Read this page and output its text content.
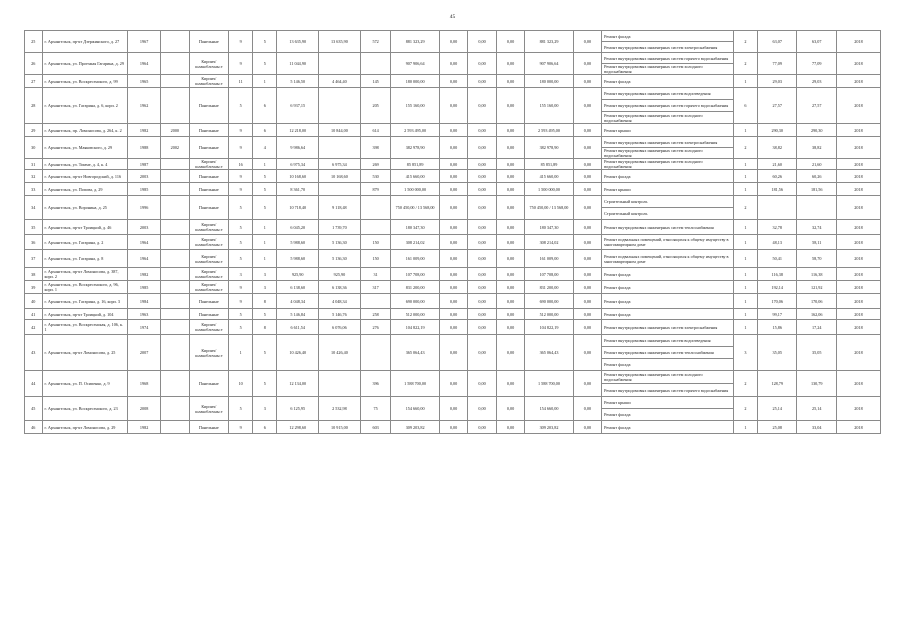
45
25	г. Архангельск, пр-кт Дзержинского, д. 27	1967		Панельные	9	5	13 635,90	13 635,90	572	881 323,29	0,00	0,00	0,00	881 323,29	0,00	Ремонт фасада	2	63,07	63,07	2018
																Ремонт внутридомовых инженерных систем электроснабжения				
26	г. Архангельск, ул. Проезжая Гагарина, д. 29	1964		Кирпич/ шлакоблочны е	9	5	11 044,90			907 906,64	0,00	0,00	0,00	907 906,64	0,00	Ремонт внутридомовых инженерных систем горячего водоснабжения	2	77,09	77,09	2018
																Ремонт внутридомовых инженерных систем холодного водоснабжения				
27	г. Архангельск, ул. Воскресенского, д. 99	1965		Кирпич/ шлакоблочны е	11	1	5 146,50	4 464,40	145	180 000,00	0,00	0,00	0,00	180 000,00	0,00	Ремонт фасада	1	29,03	29,03	2018
28	г. Архангельск, ул. Гагарина, д. 6, корп. 2	1962		Панельные	5	6	6 937,15		205	155 160,00	0,00	0,00	0,00	155 160,00	0,00	Ремонт внутридомовых инженерных систем водоотведения	6	27,57	27,57	2018
																Ремонт внутридомовых инженерных систем горячего водоснабжения				
																Ремонт внутридомовых инженерных систем холодного водоснабжения				
29	г. Архангельск, пр. Ломоносова, д. 264, к. 2	1982	2000	Панельные	9	6	12 218,00	10 844,00	614	2 593 495,00	0,00	0,00	0,00	2 593 495,00	0,00	Ремонт крыши	1	290,30	290,30	2018
30	г. Архангельск, ул. Маяковского, д. 29	1988	2002	Панельные	9	4	9 986,64		398	382 978,90	0,00	0,00	0,00	382 978,90	0,00	Ремонт внутридомовых инженерных систем электроснабжения	2	38,82	38,82	2018
																Ремонт внутридомовых инженерных систем холодного водоснабжения				
31	г. Архангельск, ул. Тимме, д. 4, к. 4	1987		Кирпич/ шлакоблочны е	16	1	6 975,34	6 975,34	269	85 851,89	0,00	0,00	0,00	85 851,89	0,00	Ремонт внутридомовых инженерных систем холодного водоснабжения	1	21,60	21,60	2018
32	г. Архангельск, пр-кт Новгородский, д. 116	2003		Панельные	9	5	10 168,60	10 168,60	530	415 660,00	0,00	0,00	0,00	415 660,00	0,00	Ремонт фасада	1	60,26	60,26	2018
33	г. Архангельск, ул. Попова, д. 29	1985		Панельные	9	5	8 361,70		879	1 500 000,00	0,00	0,00	0,00	1 500 000,00	0,00	Ремонт крыши	1	181,56	181,56	2018
34	г. Архангельск, ул. Воронина, д. 25	1996		Панельные	5	5	10 718,40	9 118,48		750 450,00 / 13 568,00	0,00	0,00	0,00	750 450,00 / 13 568,00	0,00	Строительный контроль	2			2018
																Строительный контроль				
35	г. Архангельск, пр-кт Троицкий, д. 46	2003		Кирпич/ шлакоблочны е	5	1	6 045,20	1 739,70		180 347,30	0,00	0,00	0,00	180 347,30	0,00	Ремонт внутридомовых инженерных систем теплоснабжения	1	32,78	32,74	2018
36	г. Архангельск, ул. Гагарина, д. 2	1964		Кирпич/ шлакоблочны е	5	1	5 988,60	5 136,30	150	308 214,02	0,00	0,00	0,00	308 214,02	0,00	Ремонт подвальных помещений, относящихся к общему имуществу в многоквартирном доме	1	48,13	58,11	2018
37	г. Архангельск, ул. Гагарина, д. 8	1964		Кирпич/ шлакоблочны е	5	1	5 988,60	5 136,30	150	161 009,00	0,00	0,00	0,00	161 009,00	0,00	Ремонт подвальных помещений, относящихся к общему имуществу в многоквартирном доме	1	50,41	58,70	2018
38	г. Архангельск, пр-кт Ломоносова, д. 387, корп. 2	1982		Кирпич/ шлакоблочны е	3	3	925,90	925,90	31	107 708,00	0,00	0,00	0,00	107 708,00	0,00	Ремонт фасада	1	116,38	116,38	2018
39	г. Архангельск, ул. Воскресенского, д. 96, корп. 1	1985		Кирпич/ шлакоблочны е	9	3	6 138,60	6 138,36	317	831 200,00	0,00	0,00	0,00	831 200,00	0,00	Ремонт фасада	1	192,14	121,92	2018
40	г. Архангельск, ул. Гагарина, д. 16, корп. 3	1984		Панельные	9	8	4 048,34	4 048,34		690 000,00	0,00	0,00	0,00	690 000,00	0,00	Ремонт фасада	1	170,06	170,06	2018
41	г. Архангельск, пр-кт Троицкий, д. 104	1963		Панельные	5	5	5 146,84	5 146,76	258	512 000,00	0,00	0,00	0,00	512 000,00	0,00	Ремонт фасада	1	99,17	162,06	2018
42	г. Архангельск, ул. Воскресенская, д. 106, к. 1	1974		Кирпич/ шлакоблочны е	5	8	6 611,54	6 076,06	276	104 822,19	0,00	0,00	0,00	104 822,19	0,00	Ремонт внутридомовых инженерных систем электроснабжения	1	15,86	17,24	2018
43	г. Архангельск, пр-кт Ломоносова, д. 25	2007		Кирпич/ шлакоблочны е	1	5	10 426,40	10 426,40		365 064,43	0,00	0,00	0,00	365 064,43	0,00	Ремонт внутридомовых инженерных систем водоотведения	3	35,05	35,05	2018
																Ремонт внутридомовых инженерных систем теплоснабжения				
																Ремонт фасада				
44	г. Архангельск, ул. П. Осипенко, д. 9	1968		Панельные	10	5	12 134,00		396	1 588 700,00	0,00	0,00	0,00	1 588 700,00	0,00	Ремонт внутридомовых инженерных систем холодного водоснабжения	2	128,79	130,79	2018
																Ремонт внутридомовых инженерных систем горячего водоснабжения				
45	г. Архангельск, ул. Воскресенского, д. 23	2008		Кирпич/ шлакоблочны е	5	3	6 125,95	2 532,98	75	154 660,00	0,00	0,00	0,00	154 660,00	0,00	Ремонт крыши	2	25,14	25,14	2018
																Ремонт фасада				
46	г. Архангельск, пр-кт Ломоносова, д. 29	1982		Панельные	9	6	12 298,60	10 915,00	603	309 203,82	0,00	0,00	0,00	309 203,82	0,00	Ремонт фасада	1	25,08	33,04	2018
